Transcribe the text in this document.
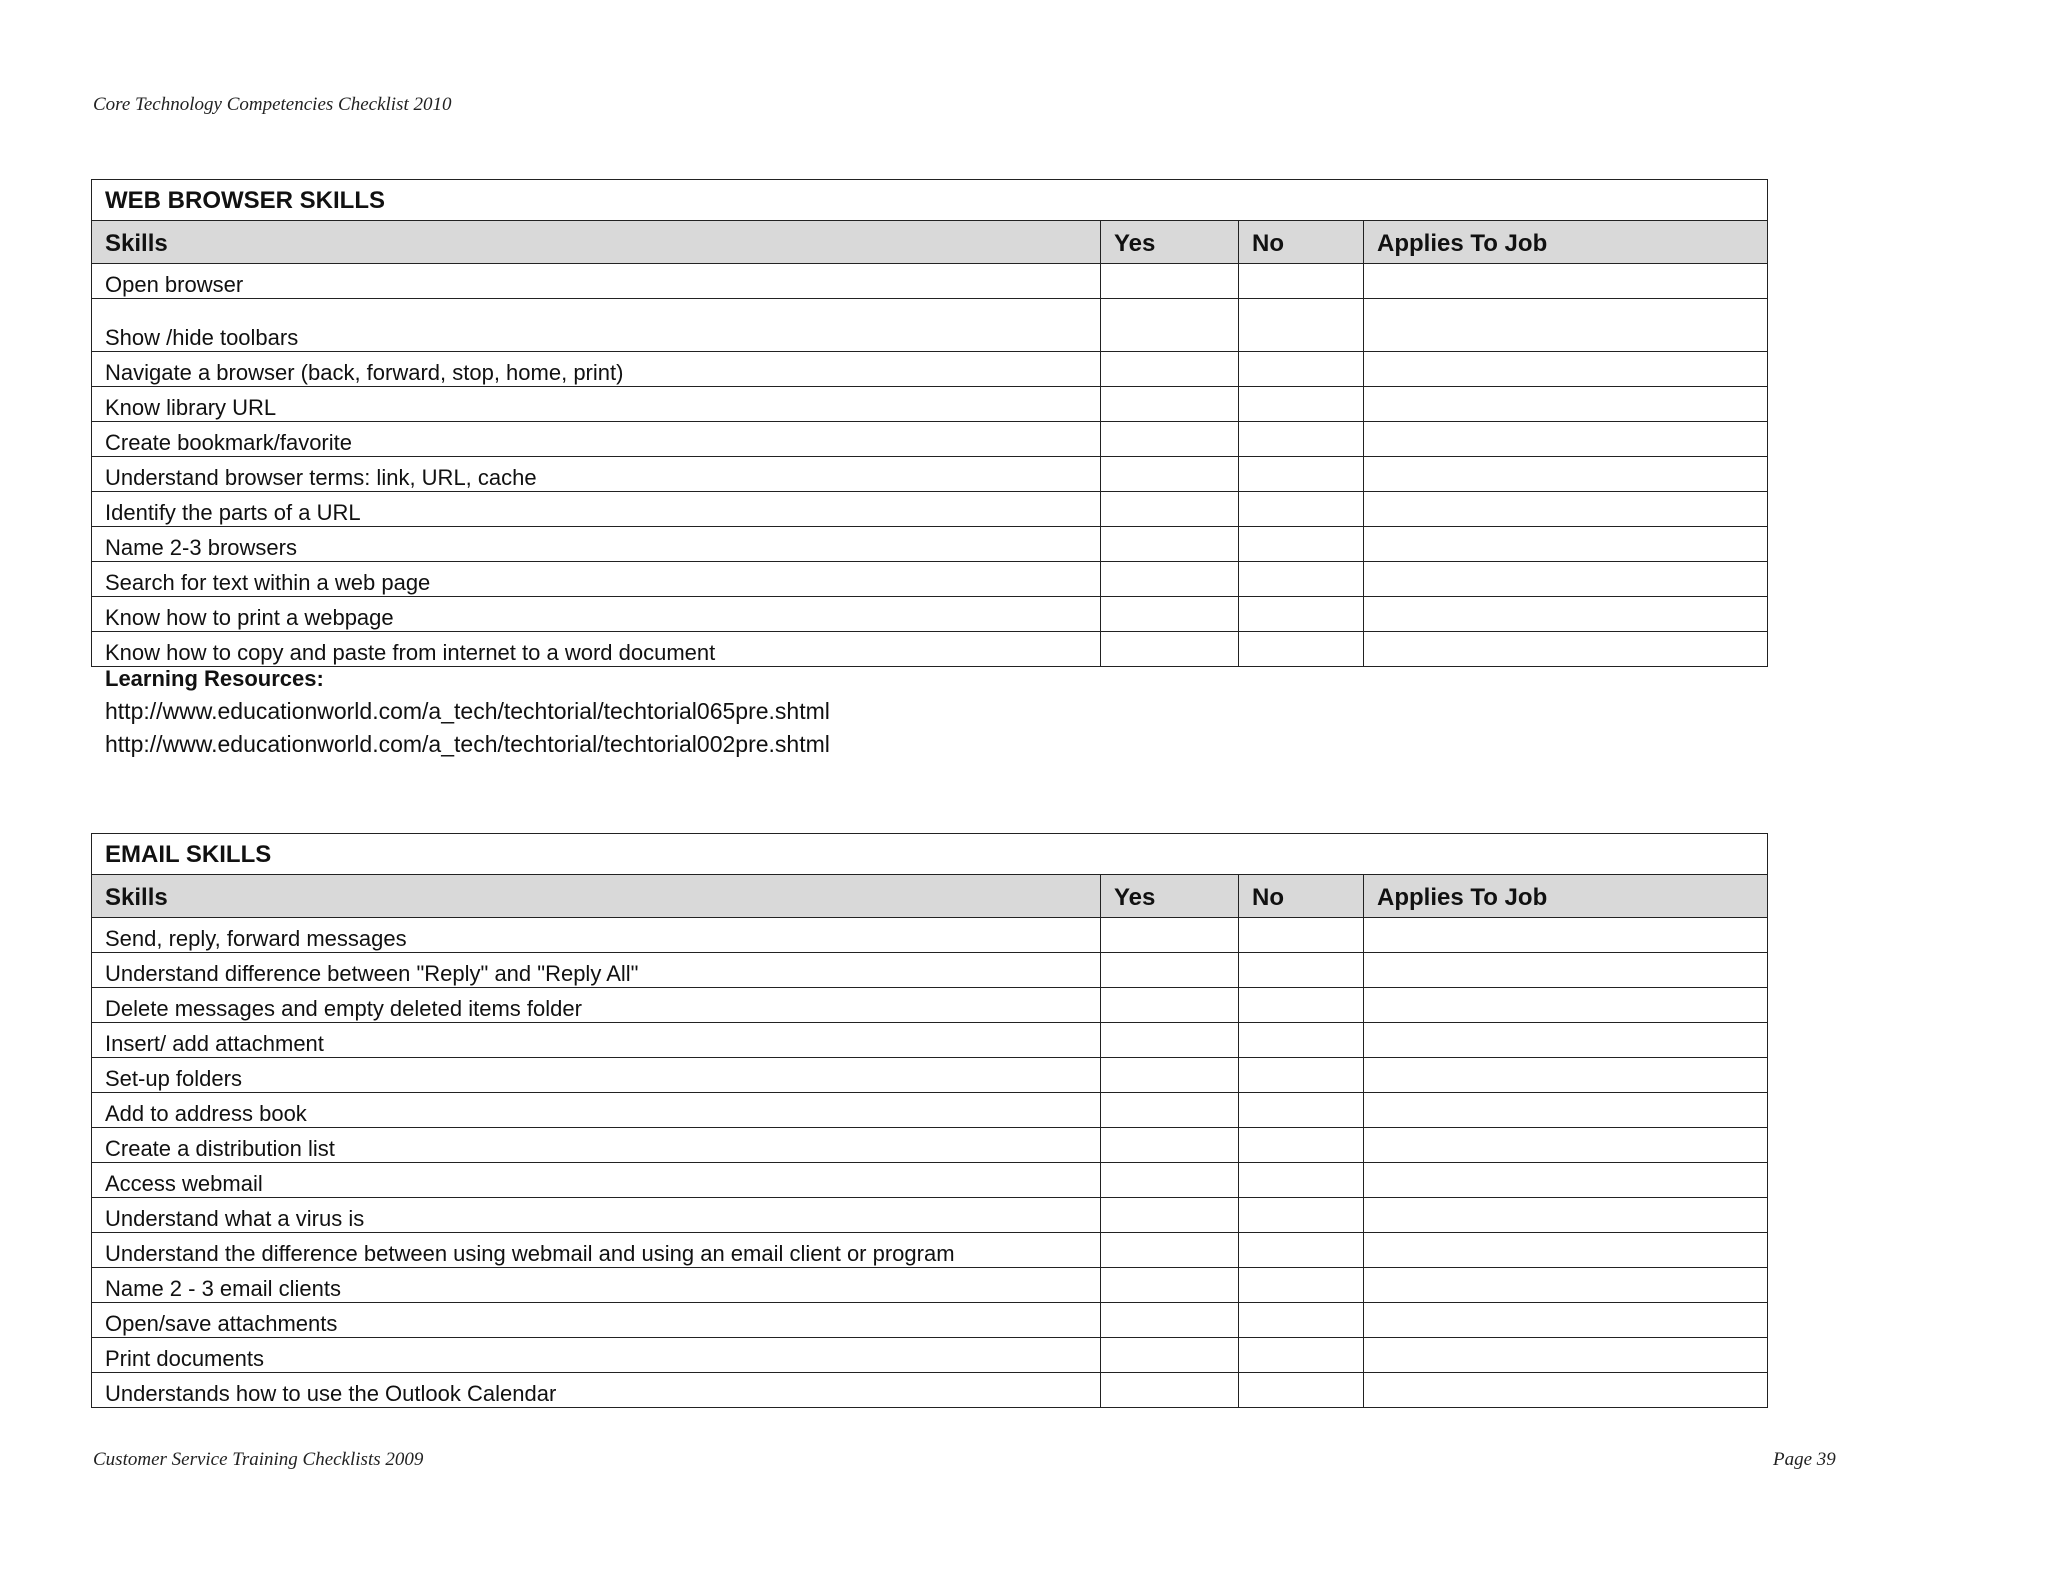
Core Technology Competencies Checklist 2010
WEB BROWSER SKILLS			
Skills	Yes	No	Applies To Job
Open browser			
Show /hide toolbars			
Navigate a browser (back, forward, stop, home, print)			
Know library URL			
Create bookmark/favorite			
Understand browser terms: link, URL, cache			
Identify the parts of a URL			
Name 2-3 browsers			
Search for text within a web page			
Know how to print a webpage			
Know how to copy and paste from internet to a word document			
Learning Resources:
http://www.educationworld.com/a_tech/techtorial/techtorial065pre.shtml
http://www.educationworld.com/a_tech/techtorial/techtorial002pre.shtml
EMAIL SKILLS			
Skills	Yes	No	Applies To Job
Send, reply, forward messages			
Understand difference between "Reply" and "Reply All"			
Delete messages and empty deleted items folder			
Insert/ add attachment			
Set-up folders			
Add to address book			
Create a distribution list			
Access webmail			
Understand what a virus is			
Understand the difference between using webmail and using an email client or program			
Name 2 - 3 email clients			
Open/save attachments			
Print documents			
Understands how to use the Outlook Calendar			
Customer Service Training Checklists 2009	Page 39
